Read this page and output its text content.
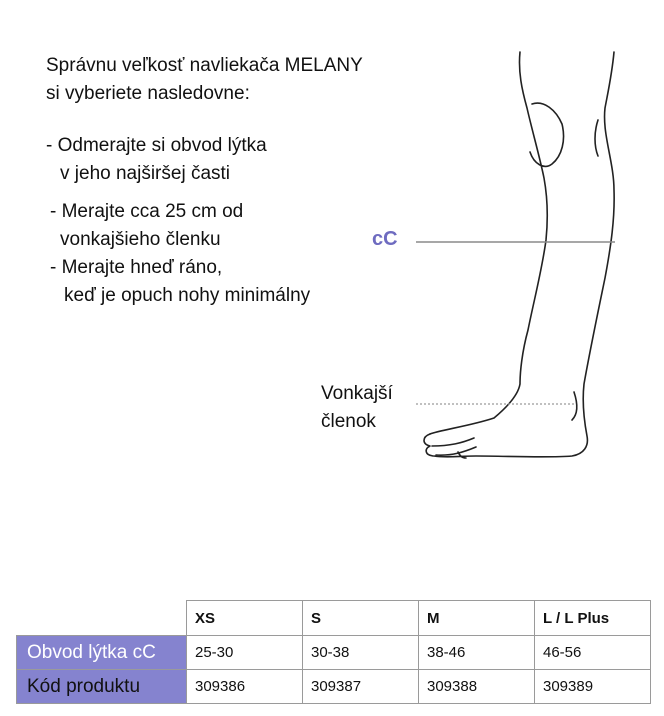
Správnu veľkosť navliekača MELANY
si vyberiete nasledovne:
- Odmerajte si obvod lýtka
v jeho najširšej časti
- Merajte cca 25 cm od
vonkajšieho členku
- Merajte hneď ráno,
keď je opuch nohy minimálny
cC
Vonkajší
členok
	XS	S	M	L / L Plus
Obvod lýtka cC	25-30	30-38	38-46	46-56
Kód produktu	309386	309387	309388	309389
